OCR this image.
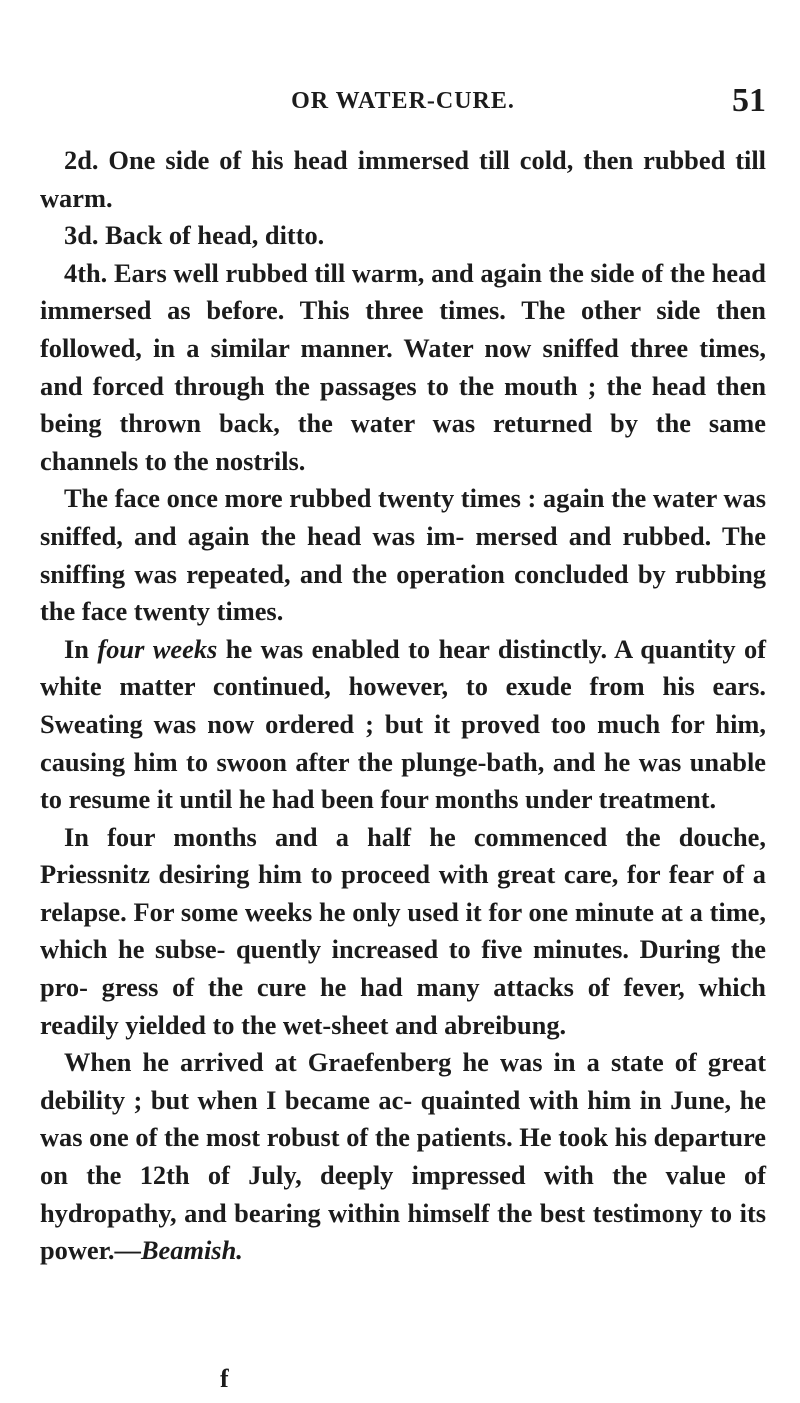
OR WATER-CURE.	51

2d. One side of his head immersed till cold, then rubbed till warm.

3d. Back of head, ditto.

4th. Ears well rubbed till warm, and again the side of the head immersed as before. This three times. The other side then followed, in a similar manner. Water now sniffed three times, and forced through the passages to the mouth ; the head then being thrown back, the water was returned by the same channels to the nostrils.

The face once more rubbed twenty times : again the water was sniffed, and again the head was im- mersed and rubbed. The sniffing was repeated, and the operation concluded by rubbing the face twenty times.

In four weeks he was enabled to hear distinctly. A quantity of white matter continued, however, to exude from his ears. Sweating was now ordered ; but it proved too much for him, causing him to swoon after the plunge-bath, and he was unable to resume it until he had been four months under treatment.

In four months and a half he commenced the douche, Priessnitz desiring him to proceed with great care, for fear of a relapse. For some weeks he only used it for one minute at a time, which he subse- quently increased to five minutes. During the pro- gress of the cure he had many attacks of fever, which readily yielded to the wet-sheet and abreibung.

When he arrived at Graefenberg he was in a state of great debility ; but when I became ac- quainted with him in June, he was one of the most robust of the patients. He took his departure on the 12th of July, deeply impressed with the value of hydropathy, and bearing within himself the best testimony to its power.—Beamish.

f
